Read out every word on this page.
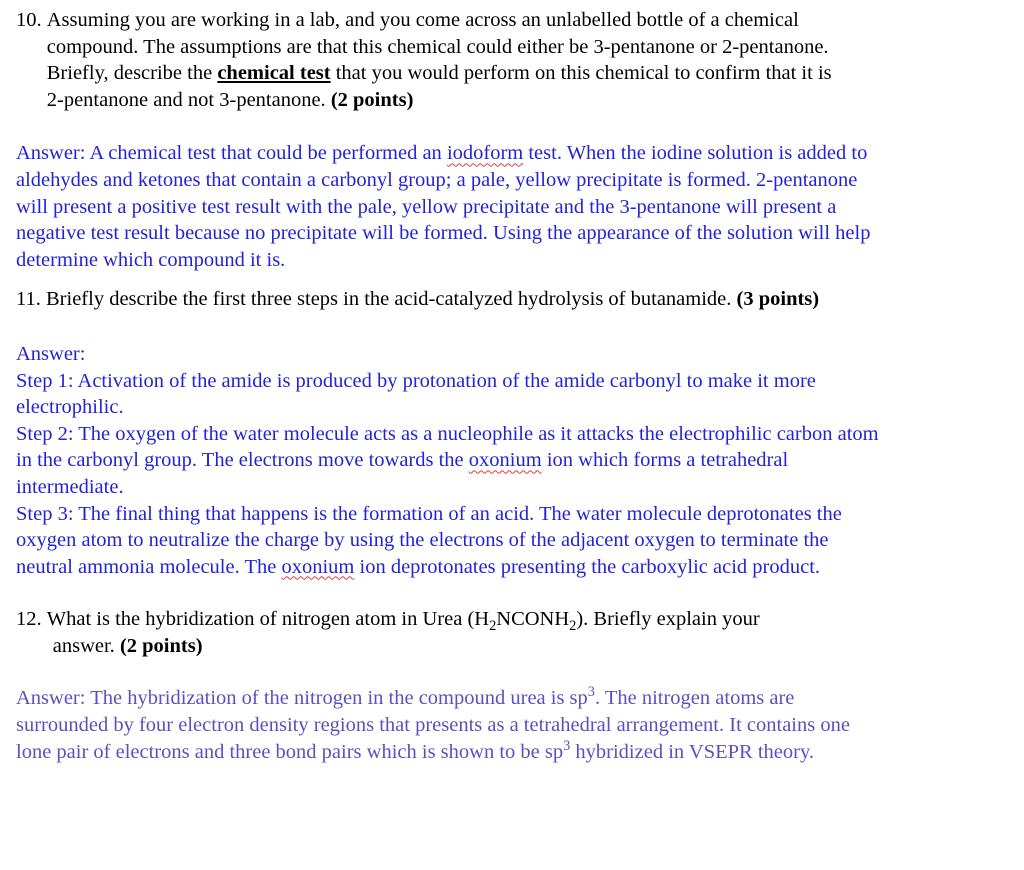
10. Assuming you are working in a lab, and you come across an unlabelled bottle of a chemical
compound. The assumptions are that this chemical could either be 3-pentanone or 2-pentanone.
Briefly, describe the chemical test that you would perform on this chemical to confirm that it is
2-pentanone and not 3-pentanone. (2 points)
Answer: A chemical test that could be performed an iodoform test. When the iodine solution is added to
aldehydes and ketones that contain a carbonyl group; a pale, yellow precipitate is formed. 2-pentanone
will present a positive test result with the pale, yellow precipitate and the 3-pentanone will present a
negative test result because no precipitate will be formed. Using the appearance of the solution will help
determine which compound it is.
11. Briefly describe the first three steps in the acid-catalyzed hydrolysis of butanamide. (3 points)
Answer:
Step 1: Activation of the amide is produced by protonation of the amide carbonyl to make it more
electrophilic.
Step 2: The oxygen of the water molecule acts as a nucleophile as it attacks the electrophilic carbon atom
in the carbonyl group. The electrons move towards the oxonium ion which forms a tetrahedral
intermediate.
Step 3: The final thing that happens is the formation of an acid. The water molecule deprotonates the
oxygen atom to neutralize the charge by using the electrons of the adjacent oxygen to terminate the
neutral ammonia molecule. The oxonium ion deprotonates presenting the carboxylic acid product.
12. What is the hybridization of nitrogen atom in Urea $(H_2NCONH_2)$. Briefly explain your
answer. (2 points)
Answer: The hybridization of the nitrogen in the compound urea is $sp^3$. The nitrogen atoms are
surrounded by four electron density regions that presents as a tetrahedral arrangement. It contains one
lone pair of electrons and three bond pairs which is shown to be $sp^3$ hybridized in VSEPR theory.
